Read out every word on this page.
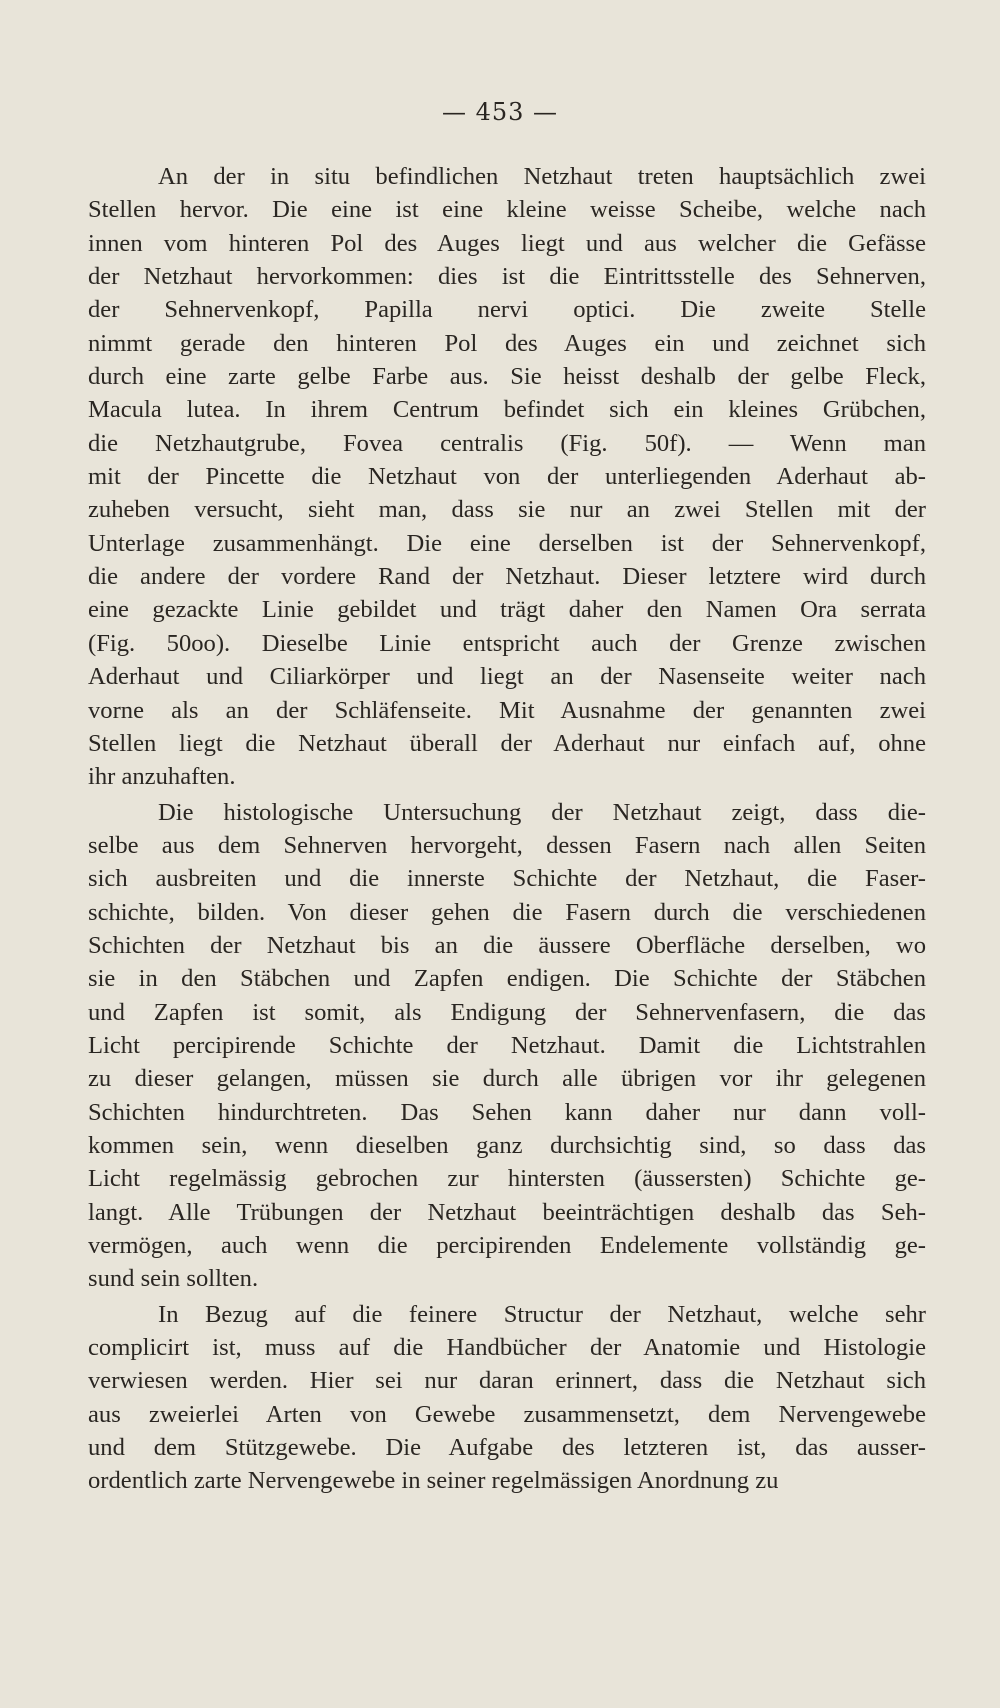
— 453 —
An der in situ befindlichen Netzhaut treten hauptsächlich zwei
Stellen hervor. Die eine ist eine kleine weisse Scheibe, welche nach
innen vom hinteren Pol des Auges liegt und aus welcher die Gefässe
der Netzhaut hervorkommen: dies ist die Eintrittsstelle des Sehnerven,
der Sehnervenkopf, Papilla nervi optici. Die zweite Stelle
nimmt gerade den hinteren Pol des Auges ein und zeichnet sich
durch eine zarte gelbe Farbe aus. Sie heisst deshalb der gelbe Fleck,
Macula lutea. In ihrem Centrum befindet sich ein kleines Grübchen,
die Netzhautgrube, Fovea centralis (Fig. 50f). — Wenn man
mit der Pincette die Netzhaut von der unterliegenden Aderhaut ab-
zuheben versucht, sieht man, dass sie nur an zwei Stellen mit der
Unterlage zusammenhängt. Die eine derselben ist der Sehnervenkopf,
die andere der vordere Rand der Netzhaut. Dieser letztere wird durch
eine gezackte Linie gebildet und trägt daher den Namen Ora serrata
(Fig. 50oo). Dieselbe Linie entspricht auch der Grenze zwischen
Aderhaut und Ciliarkörper und liegt an der Nasenseite weiter nach
vorne als an der Schläfenseite. Mit Ausnahme der genannten zwei
Stellen liegt die Netzhaut überall der Aderhaut nur einfach auf, ohne
ihr anzuhaften.
Die histologische Untersuchung der Netzhaut zeigt, dass die-
selbe aus dem Sehnerven hervorgeht, dessen Fasern nach allen Seiten
sich ausbreiten und die innerste Schichte der Netzhaut, die Faser-
schichte, bilden. Von dieser gehen die Fasern durch die verschiedenen
Schichten der Netzhaut bis an die äussere Oberfläche derselben, wo
sie in den Stäbchen und Zapfen endigen. Die Schichte der Stäbchen
und Zapfen ist somit, als Endigung der Sehnervenfasern, die das
Licht percipirende Schichte der Netzhaut. Damit die Lichtstrahlen
zu dieser gelangen, müssen sie durch alle übrigen vor ihr gelegenen
Schichten hindurchtreten. Das Sehen kann daher nur dann voll-
kommen sein, wenn dieselben ganz durchsichtig sind, so dass das
Licht regelmässig gebrochen zur hintersten (äussersten) Schichte ge-
langt. Alle Trübungen der Netzhaut beeinträchtigen deshalb das Seh-
vermögen, auch wenn die percipirenden Endelemente vollständig ge-
sund sein sollten.
In Bezug auf die feinere Structur der Netzhaut, welche sehr
complicirt ist, muss auf die Handbücher der Anatomie und Histologie
verwiesen werden. Hier sei nur daran erinnert, dass die Netzhaut sich
aus zweierlei Arten von Gewebe zusammensetzt, dem Nervengewebe
und dem Stützgewebe. Die Aufgabe des letzteren ist, das ausser-
ordentlich zarte Nervengewebe in seiner regelmässigen Anordnung zu
